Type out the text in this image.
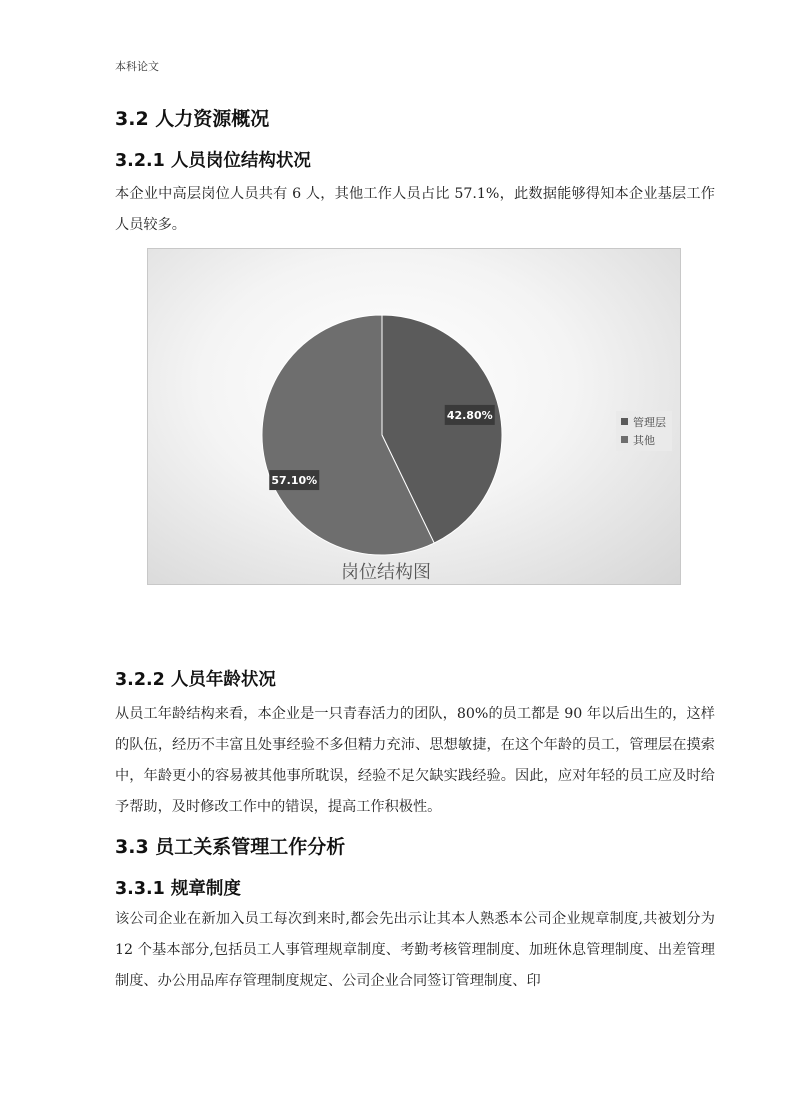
本科论文
3.2 人力资源概况
3.2.1 人员岗位结构状况

本企业中高层岗位人员共有 6 人，其他工作人员占比 57.1%，此数据能够得知本企业基层工作人员较多。

42.80%
57.10%
管理层
其他
岗位结构图
3.2.2 人员年龄状况

从员工年龄结构来看，本企业是一只青春活力的团队，80%的员工都是 90 年以后出生的，这样的队伍，经历不丰富且处事经验不多但精力充沛、思想敏捷，在这个年龄的员工，管理层在摸索中，年龄更小的容易被其他事所耽误，经验不足欠缺实践经验。因此，应对年轻的员工应及时给予帮助，及时修改工作中的错误，提高工作积极性。

3.3 员工关系管理工作分析
3.3.1 规章制度

该公司企业在新加入员工每次到来时,都会先出示让其本人熟悉本公司企业规章制度,共被划分为 12 个基本部分,包括员工人事管理规章制度、考勤考核管理制度、加班休息管理制度、出差管理制度、办公用品库存管理制度规定、公司企业合同签订管理制度、印
